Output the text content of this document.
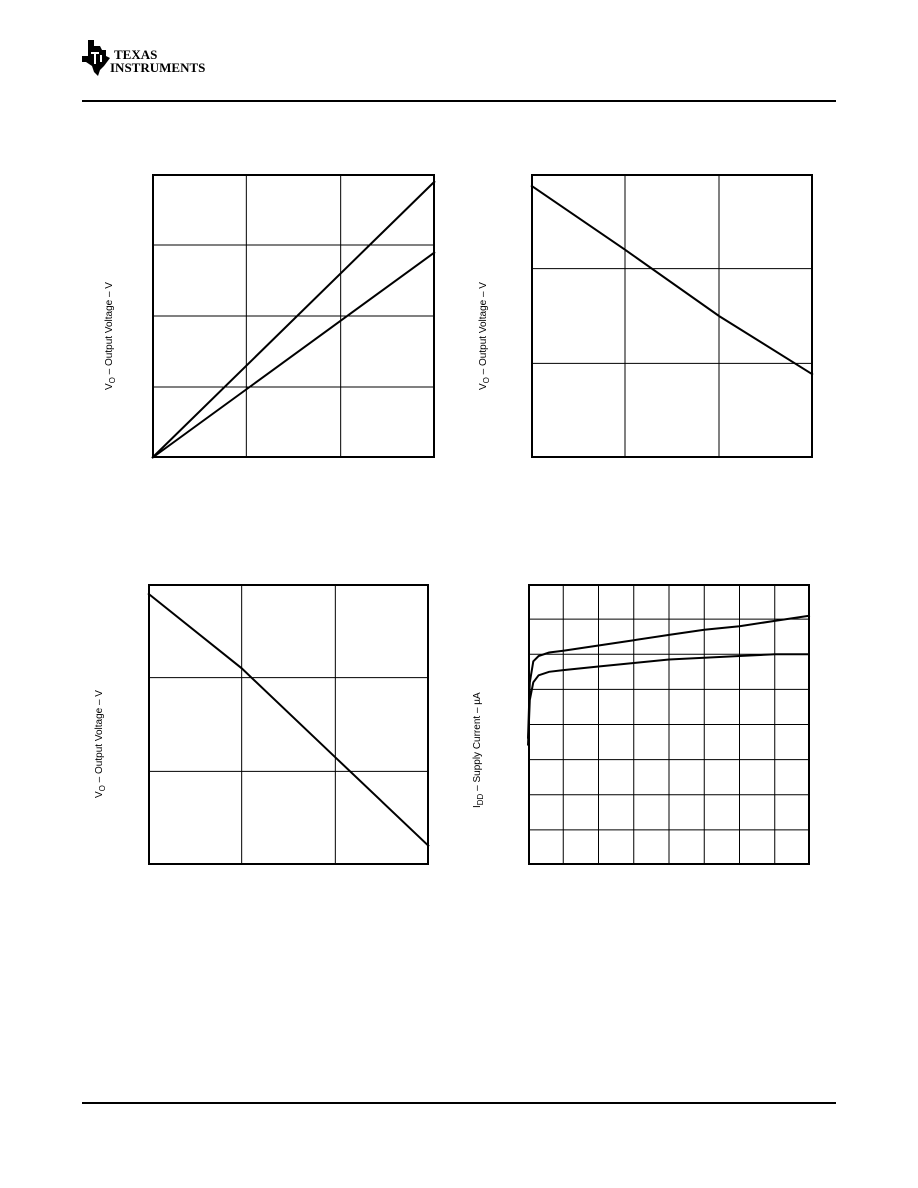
TEXAS
INSTRUMENTS
$V_O$ – Output Voltage – V
$V_O$ – Output Voltage – V
$V_O$ – Output Voltage – V
$I_{DD}$ – Supply Current – µA
